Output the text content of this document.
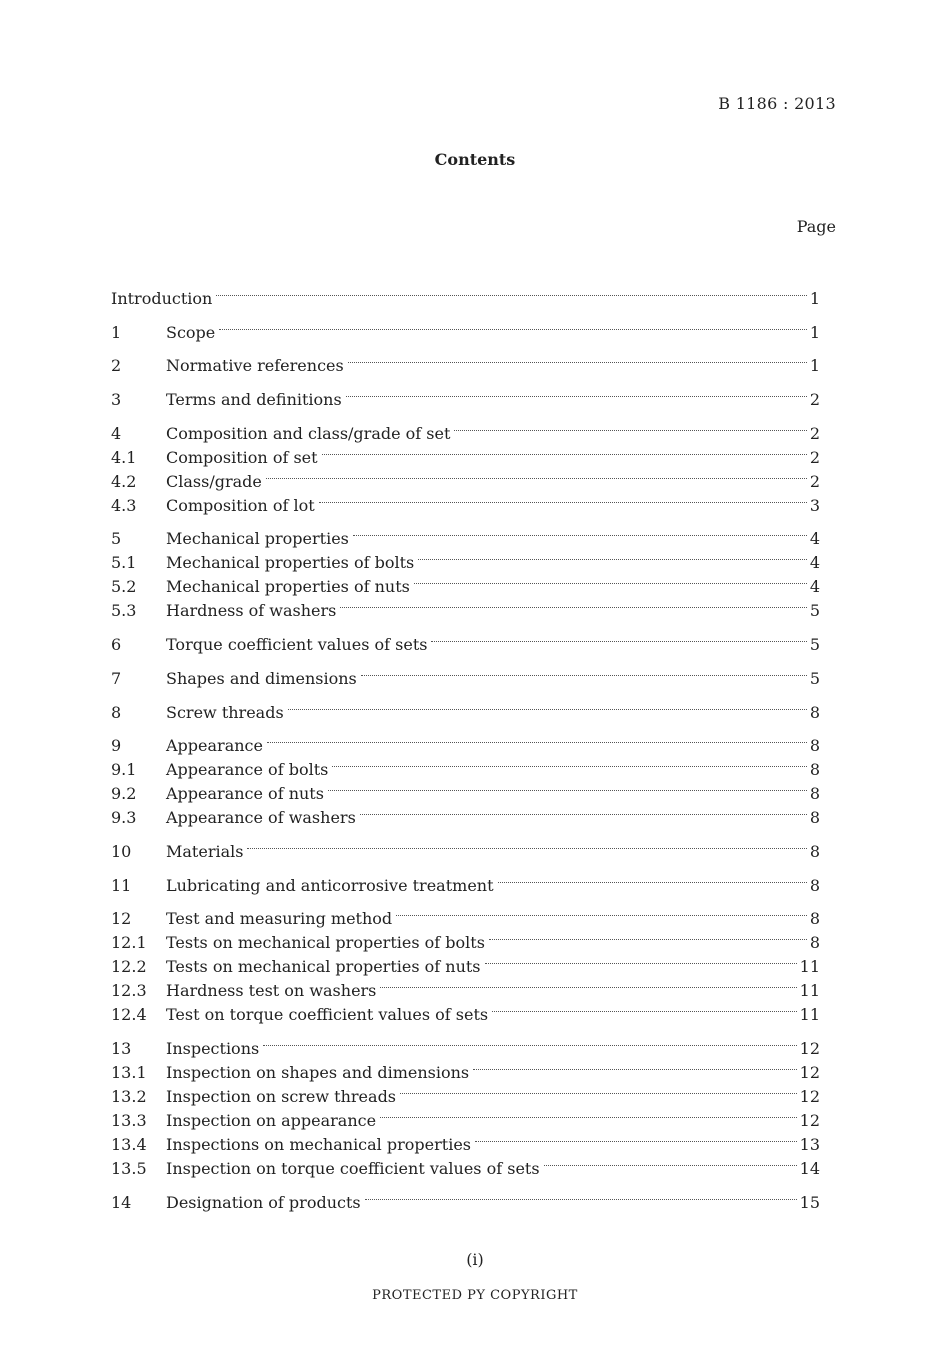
B 1186 : 2013
Contents
Page
Introduction	1
1	Scope	1
2	Normative references	1
3	Terms and definitions	2
4	Composition and class/grade of set	2
4.1	Composition of set	2
4.2	Class/grade	2
4.3	Composition of lot	3
5	Mechanical properties	4
5.1	Mechanical properties of bolts	4
5.2	Mechanical properties of nuts	4
5.3	Hardness of washers	5
6	Torque coefficient values of sets	5
7	Shapes and dimensions	5
8	Screw threads	8
9	Appearance	8
9.1	Appearance of bolts	8
9.2	Appearance of nuts	8
9.3	Appearance of washers	8
10	Materials	8
11	Lubricating and anticorrosive treatment	8
12	Test and measuring method	8
12.1	Tests on mechanical properties of bolts	8
12.2	Tests on mechanical properties of nuts	11
12.3	Hardness test on washers	11
12.4	Test on torque coefficient values of sets	11
13	Inspections	12
13.1	Inspection on shapes and dimensions	12
13.2	Inspection on screw threads	12
13.3	Inspection on appearance	12
13.4	Inspections on mechanical properties	13
13.5	Inspection on torque coefficient values of sets	14
14	Designation of products	15
(i)
PROTECTED PY COPYRIGHT
